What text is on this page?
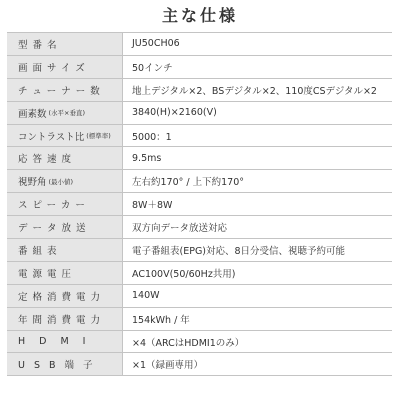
主な仕様
型番名	JU50CH06
画面サイズ	50インチ
チューナー数	地上デジタル×2、BSデジタル×2、110度CSデジタル×2
画素数 (水平×垂直)	3840(H)×2160(V)
コントラスト比 (標準率)	5000：1
応答速度	9.5ms
視野角 (最小値)	左右約170° / 上下約170°
スピーカー	8W＋8W
データ放送	双方向データ放送対応
番組表	電子番組表(EPG)対応、8日分受信、視聴予約可能
電源電圧	AC100V(50/60Hz共用)
定格消費電力	140W
年間消費電力	154kWh / 年
HDMI	×4（ARCはHDMI1のみ）
USB端子	×1（録画専用）
